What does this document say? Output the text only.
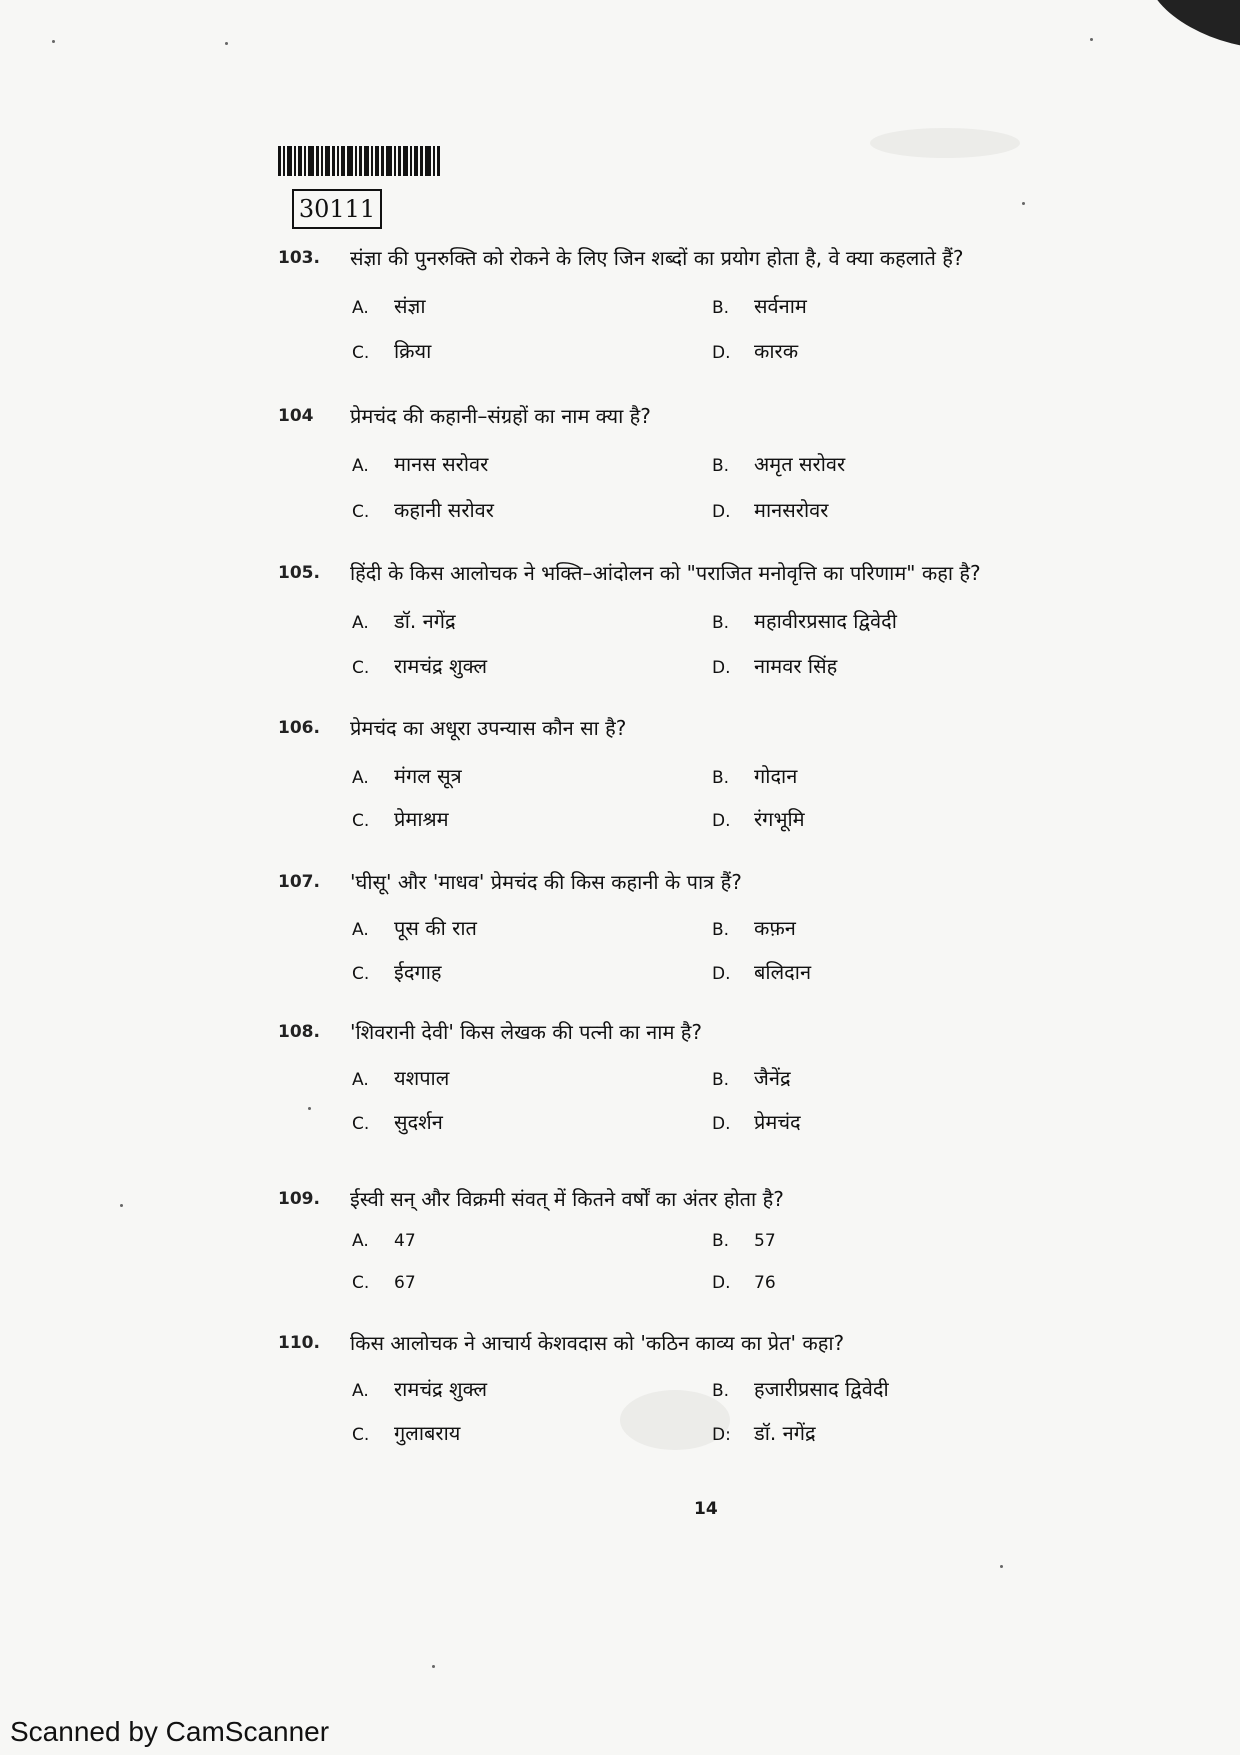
30111
103. संज्ञा की पुनरुक्ति को रोकने के लिए जिन शब्दों का प्रयोग होता है, वे क्या कहलाते हैं?
A. संज्ञा	B. सर्वनाम
C. क्रिया	D. कारक
104 प्रेमचंद की कहानी–संग्रहों का नाम क्या है?
A. मानस सरोवर	B. अमृत सरोवर
C. कहानी सरोवर	D. मानसरोवर
105. हिंदी के किस आलोचक ने भक्ति–आंदोलन को "पराजित मनोवृत्ति का परिणाम" कहा है?
A. डॉ. नगेंद्र	B. महावीरप्रसाद द्विवेदी
C. रामचंद्र शुक्ल	D. नामवर सिंह
106. प्रेमचंद का अधूरा उपन्यास कौन सा है?
A. मंगल सूत्र	B. गोदान
C. प्रेमाश्रम	D. रंगभूमि
107. 'घीसू' और 'माधव' प्रेमचंद की किस कहानी के पात्र हैं?
A. पूस की रात	B. कफ़न
C. ईदगाह	D. बलिदान
108. 'शिवरानी देवी' किस लेखक की पत्नी का नाम है?
A. यशपाल	B. जैनेंद्र
C. सुदर्शन	D. प्रेमचंद
109. ईस्वी सन् और विक्रमी संवत् में कितने वर्षों का अंतर होता है?
A. 47	B. 57
C. 67	D. 76
110. किस आलोचक ने आचार्य केशवदास को 'कठिन काव्य का प्रेत' कहा?
A. रामचंद्र शुक्ल	B. हजारीप्रसाद द्विवेदी
C. गुलाबराय	D: डॉ. नगेंद्र
14
Scanned by CamScanner
